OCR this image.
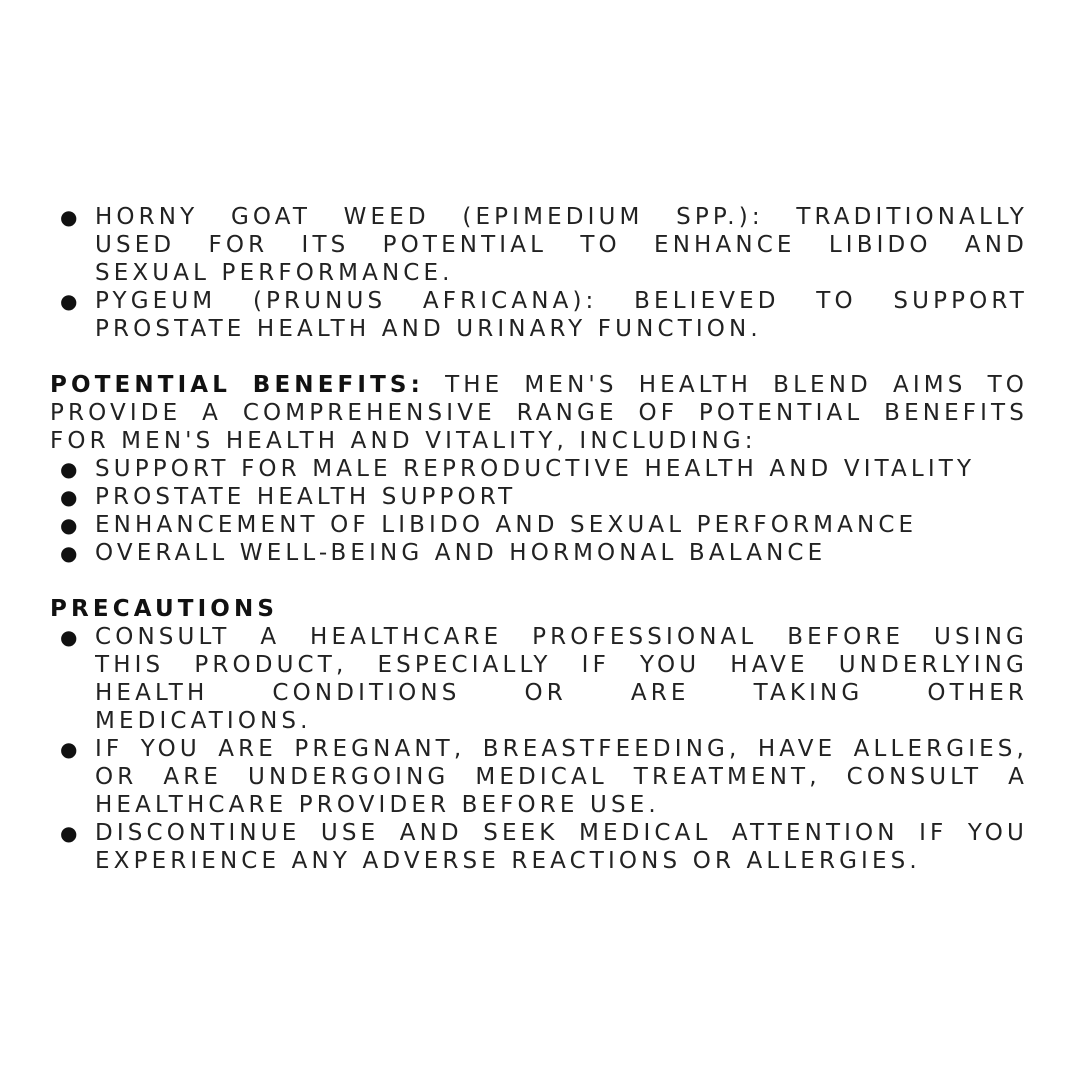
● HORNY GOAT WEED (EPIMEDIUM SPP.): TRADITIONALLY
USED FOR ITS POTENTIAL TO ENHANCE LIBIDO AND
SEXUAL PERFORMANCE.
● PYGEUM (PRUNUS AFRICANA): BELIEVED TO SUPPORT
PROSTATE HEALTH AND URINARY FUNCTION.
POTENTIAL BENEFITS: THE MEN'S HEALTH BLEND AIMS TO
PROVIDE A COMPREHENSIVE RANGE OF POTENTIAL BENEFITS
FOR MEN'S HEALTH AND VITALITY, INCLUDING:
● SUPPORT FOR MALE REPRODUCTIVE HEALTH AND VITALITY
● PROSTATE HEALTH SUPPORT
● ENHANCEMENT OF LIBIDO AND SEXUAL PERFORMANCE
● OVERALL WELL-BEING AND HORMONAL BALANCE
PRECAUTIONS
● CONSULT A HEALTHCARE PROFESSIONAL BEFORE USING
THIS PRODUCT, ESPECIALLY IF YOU HAVE UNDERLYING
HEALTH CONDITIONS OR ARE TAKING OTHER
MEDICATIONS.
● IF YOU ARE PREGNANT, BREASTFEEDING, HAVE ALLERGIES,
OR ARE UNDERGOING MEDICAL TREATMENT, CONSULT A
HEALTHCARE PROVIDER BEFORE USE.
● DISCONTINUE USE AND SEEK MEDICAL ATTENTION IF YOU
EXPERIENCE ANY ADVERSE REACTIONS OR ALLERGIES.
